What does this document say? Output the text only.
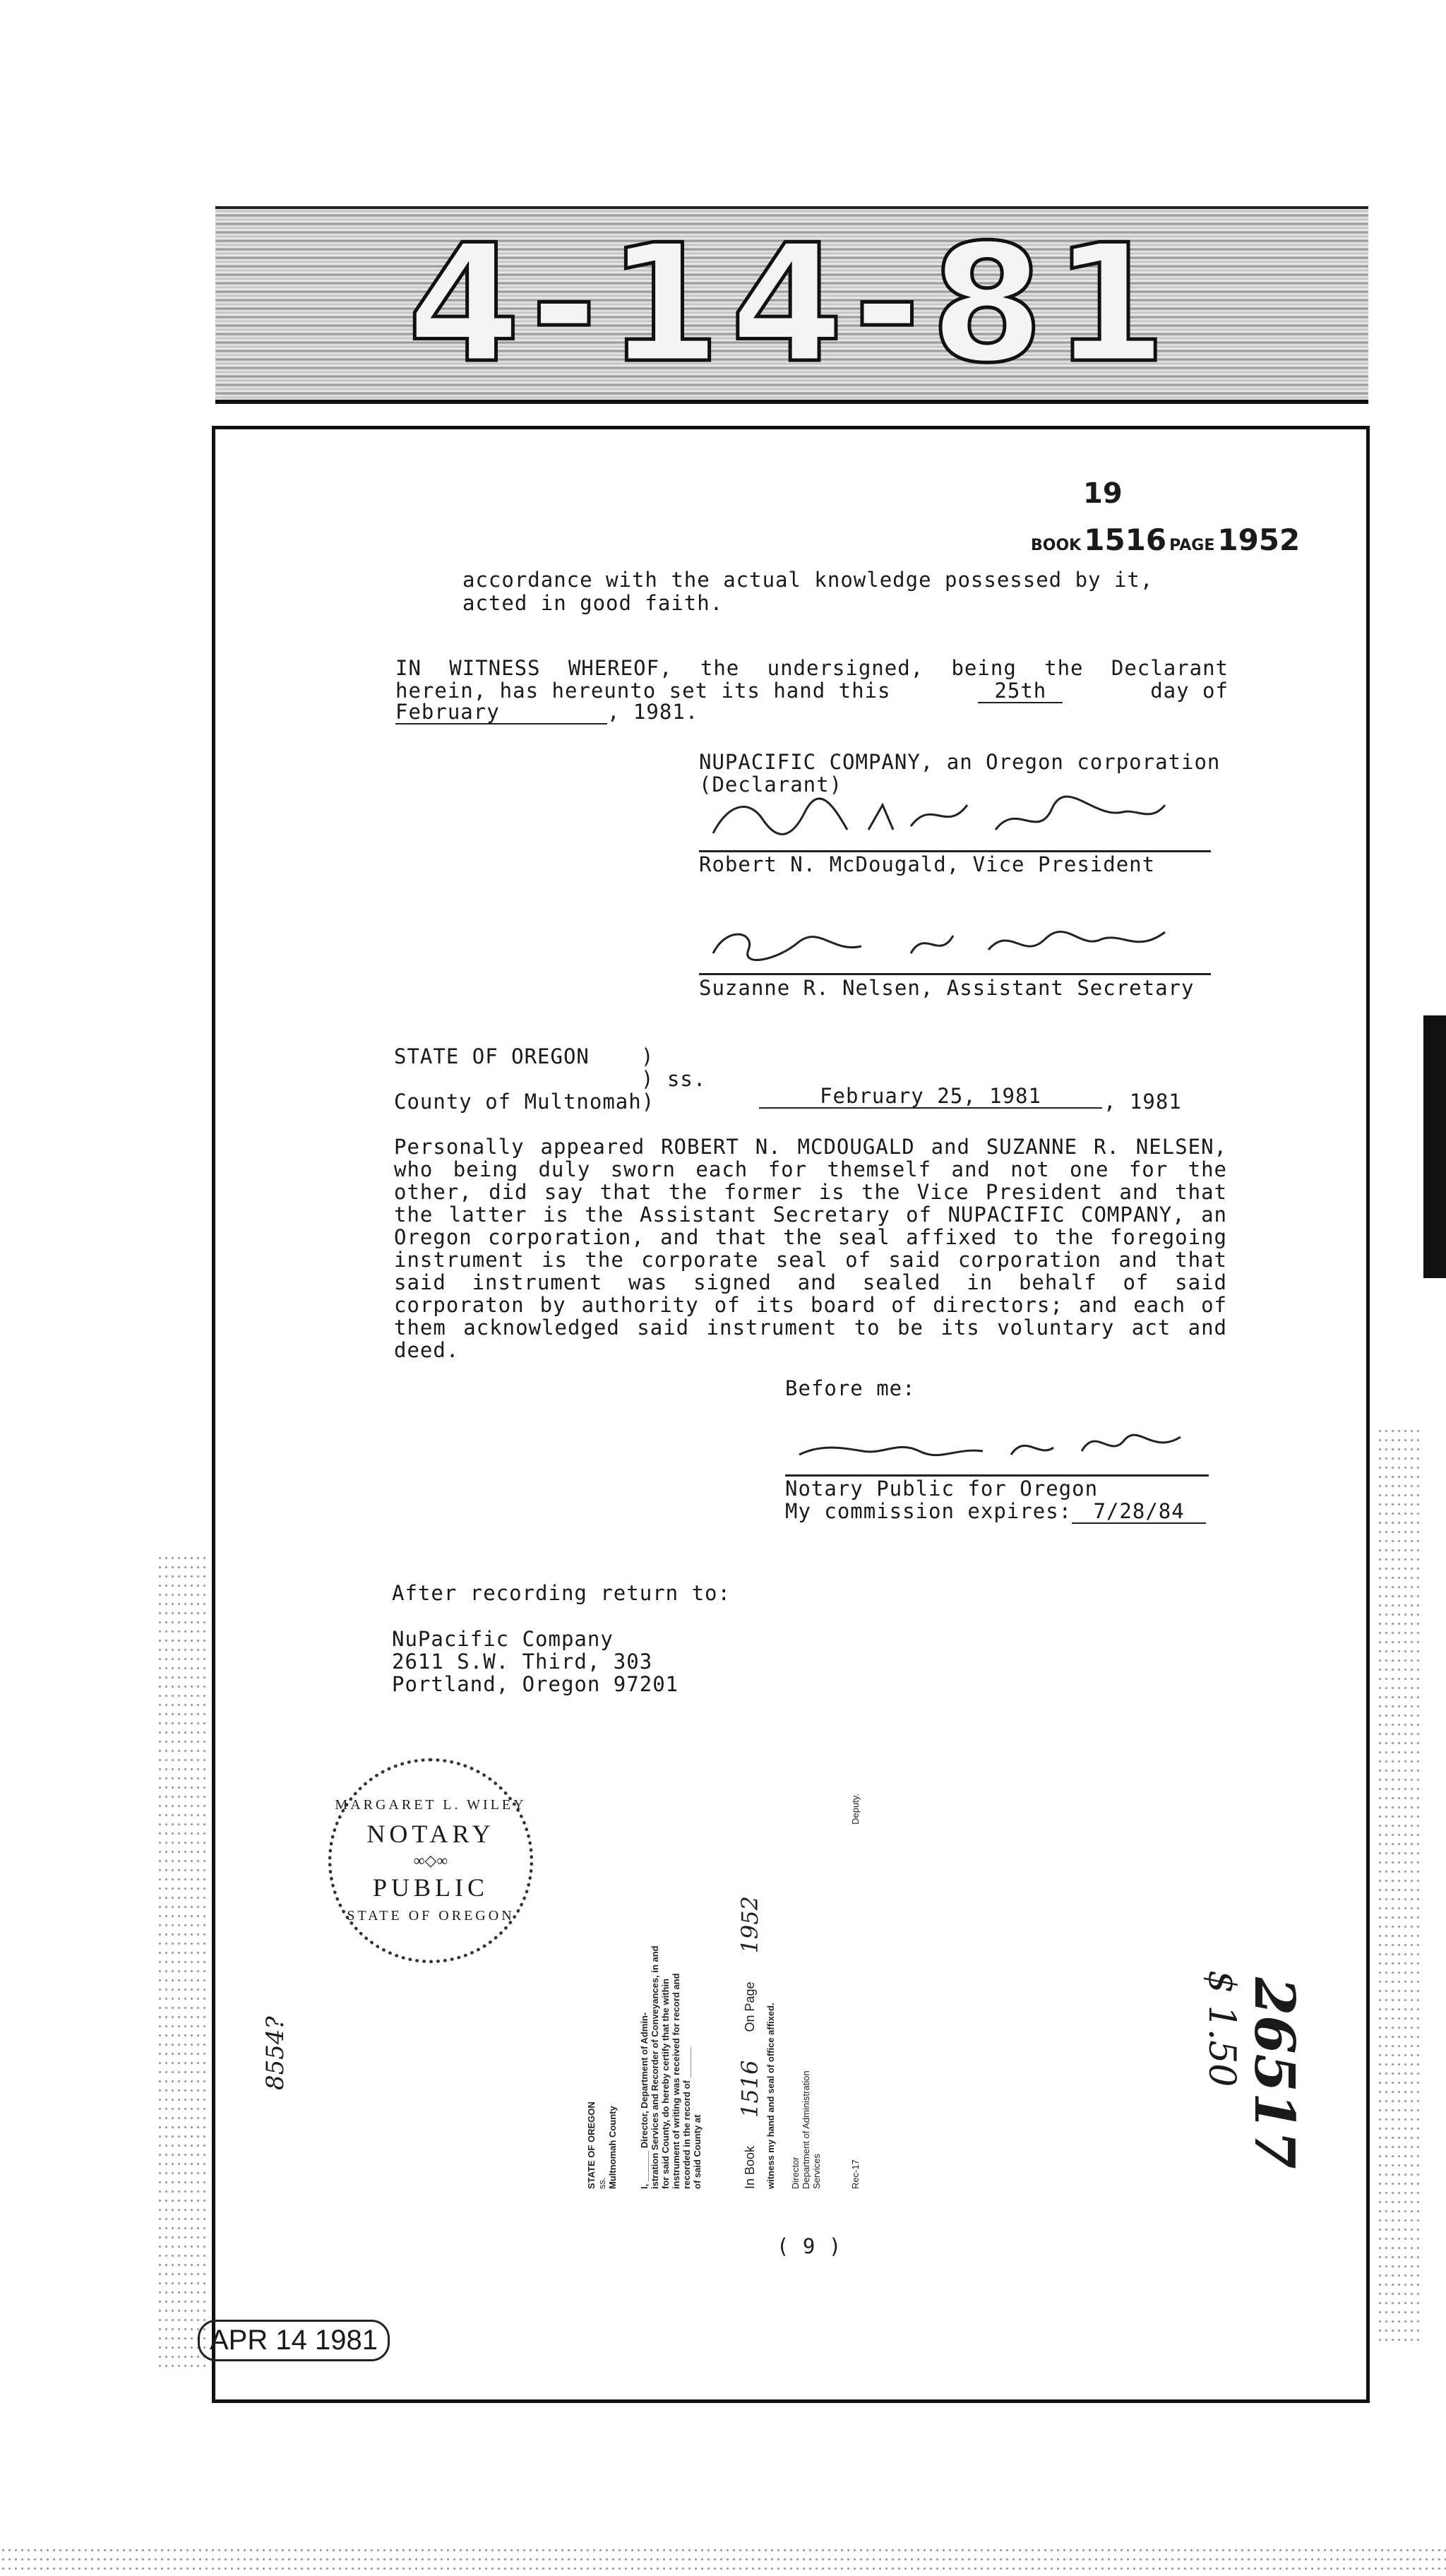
4-14-81
19
BOOK 1516 PAGE 1952
accordance with the actual knowledge possessed by it,
acted in good faith.
IN WITNESS WHEREOF, the undersigned, being the Declarant
herein, has hereunto set its hand this	25th	day of
February	, 1981.
NUPACIFIC COMPANY, an Oregon corporation
(Declarant)
Robert N. McDougald, Vice President
Suzanne R. Nelsen, Assistant Secretary
STATE OF OREGON	)
) ss.
County of Multnomah)	February 25, 1981	, 1981
Personally appeared ROBERT N. MCDOUGALD and SUZANNE R. NELSEN,
who being duly sworn each for themself and not one for the
other, did say that the former is the Vice President and that
the latter is the Assistant Secretary of NUPACIFIC COMPANY, an
Oregon corporation, and that the seal affixed to the foregoing
instrument is the corporate seal of said corporation and that
said instrument was signed and sealed in behalf of said
corporaton by authority of its board of directors; and each of
them acknowledged said instrument to be its voluntary act and
deed.
Before me:
Notary Public for Oregon
My commission expires: 7/28/84
After recording return to:
NuPacific Company
2611 S.W. Third, 303
Portland, Oregon 97201
MARGARET L. WILEY
NOTARY
∞◇∞
PUBLIC
STATE OF OREGON
8554?
STATE OF OREGON ss. Multnomah County I, ______ Director, Department of Admin- istration Services and Recorder of Conveyances, in and for said County, do hereby certify that the within instrument of writing was received for record and recorded in the record of ______ of said County at	In Book
1516
On Page
1952
witness my hand and seal of office affixed. Director Department of Administration Services	Rec-17
Deputy.
26517
$ 1.50
( 9 )
APR 14 1981
